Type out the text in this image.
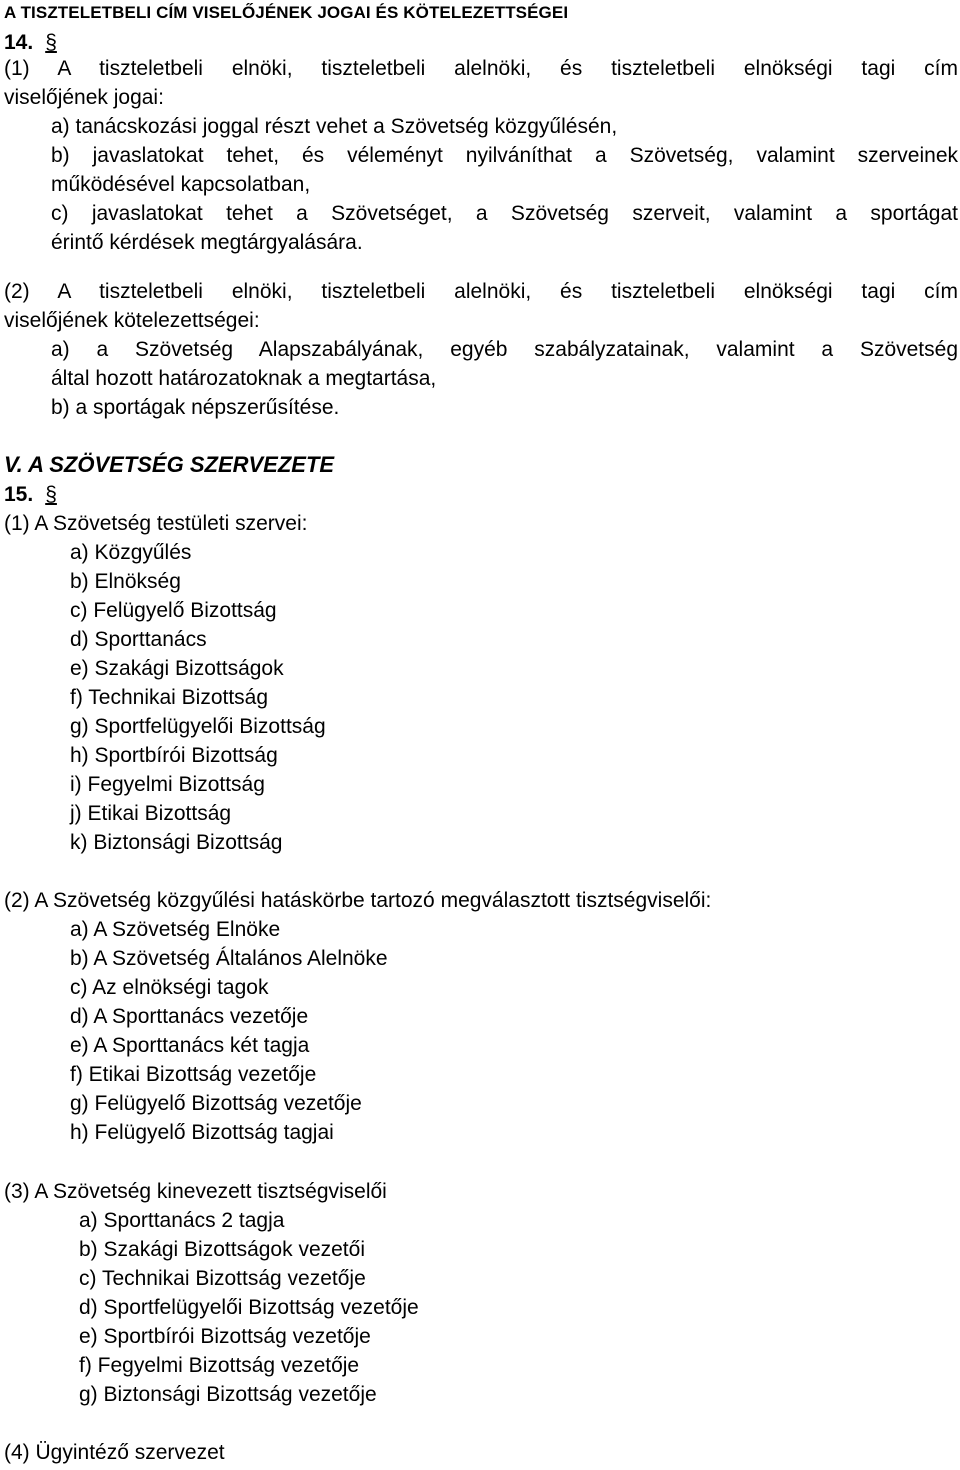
A TISZTELETBELI CÍM VISELŐJÉNEK JOGAI ÉS KÖTELEZETTSÉGEI
14. §
(1) A tiszteletbeli elnöki, tiszteletbeli alelnöki, és tiszteletbeli elnökségi tagi cím
viselőjének jogai:
a) tanácskozási joggal részt vehet a Szövetség közgyűlésén,
b) javaslatokat tehet, és véleményt nyilváníthat a Szövetség, valamint szerveinek
működésével kapcsolatban,
c) javaslatokat tehet a Szövetséget, a Szövetség szerveit, valamint a sportágat
érintő kérdések megtárgyalására.
(2) A tiszteletbeli elnöki, tiszteletbeli alelnöki, és tiszteletbeli elnökségi tagi cím
viselőjének kötelezettségei:
a) a Szövetség Alapszabályának, egyéb szabályzatainak, valamint a Szövetség
által hozott határozatoknak a megtartása,
b) a sportágak népszerűsítése.
V. A SZÖVETSÉG SZERVEZETE
15. §
(1) A Szövetség testületi szervei:
a) Közgyűlés
b) Elnökség
c) Felügyelő Bizottság
d) Sporttanács
e) Szakági Bizottságok
f) Technikai Bizottság
g) Sportfelügyelői Bizottság
h) Sportbírói Bizottság
i) Fegyelmi Bizottság
j) Etikai Bizottság
k) Biztonsági Bizottság
(2) A Szövetség közgyűlési hatáskörbe tartozó megválasztott tisztségviselői:
a) A Szövetség Elnöke
b) A Szövetség Általános Alelnöke
c) Az elnökségi tagok
d) A Sporttanács vezetője
e) A Sporttanács két tagja
f) Etikai Bizottság vezetője
g) Felügyelő Bizottság vezetője
h) Felügyelő Bizottság tagjai
(3) A Szövetség kinevezett tisztségviselői
a) Sporttanács 2 tagja
b) Szakági Bizottságok vezetői
c) Technikai Bizottság vezetője
d) Sportfelügyelői Bizottság vezetője
e) Sportbírói Bizottság vezetője
f) Fegyelmi Bizottság vezetője
g) Biztonsági Bizottság vezetője
(4) Ügyintéző szervezet
